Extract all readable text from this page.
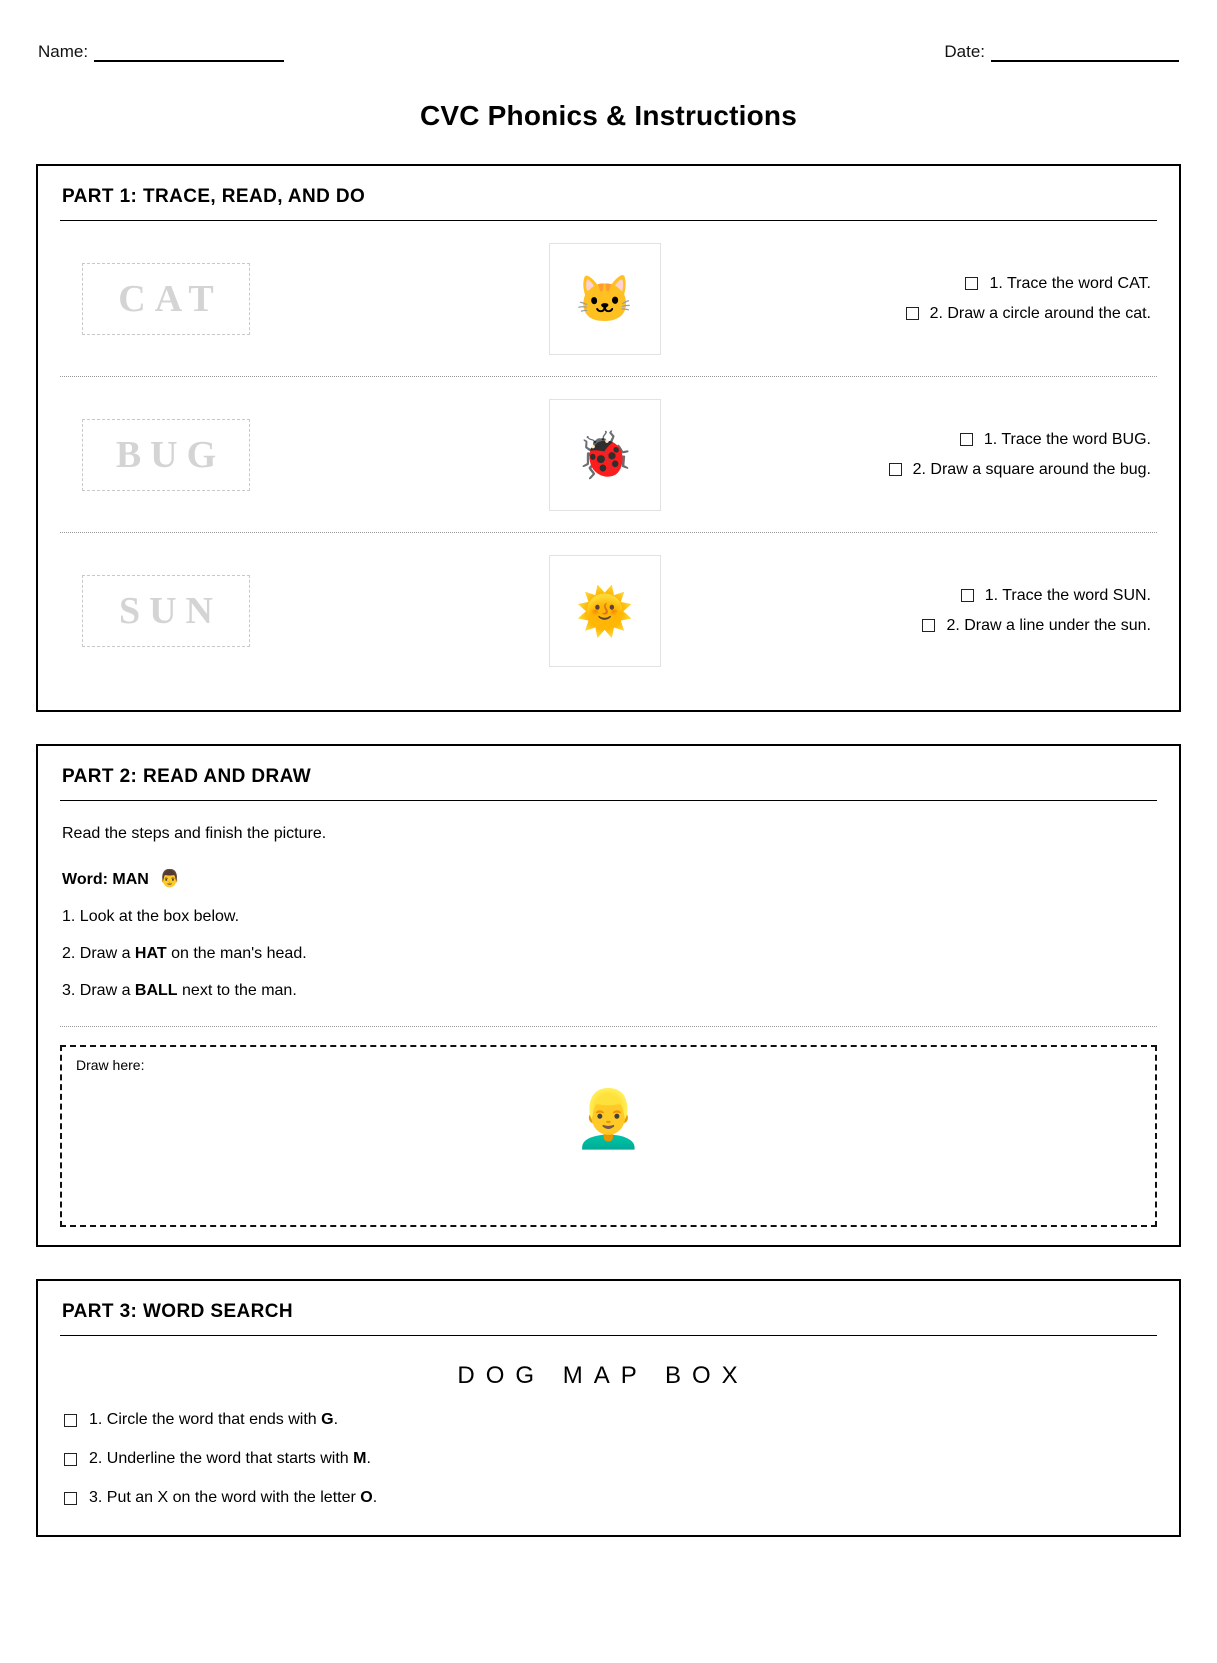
Name:	Date:
CVC Phonics & Instructions
PART 1: TRACE, READ, AND DO
CAT	🐱	1. Trace the word CAT.
2. Draw a circle around the cat.
BUG	🐞	1. Trace the word BUG.
2. Draw a square around the bug.
SUN	🌞	1. Trace the word SUN.
2. Draw a line under the sun.
PART 2: READ AND DRAW
Read the steps and finish the picture.
Word: MAN 👨
1. Look at the box below.
2. Draw a HAT on the man's head.
3. Draw a BALL next to the man.
Draw here:
👱‍♂️
PART 3: WORD SEARCH
DOG MAP BOX
1. Circle the word that ends with G.
2. Underline the word that starts with M.
3. Put an X on the word with the letter O.
